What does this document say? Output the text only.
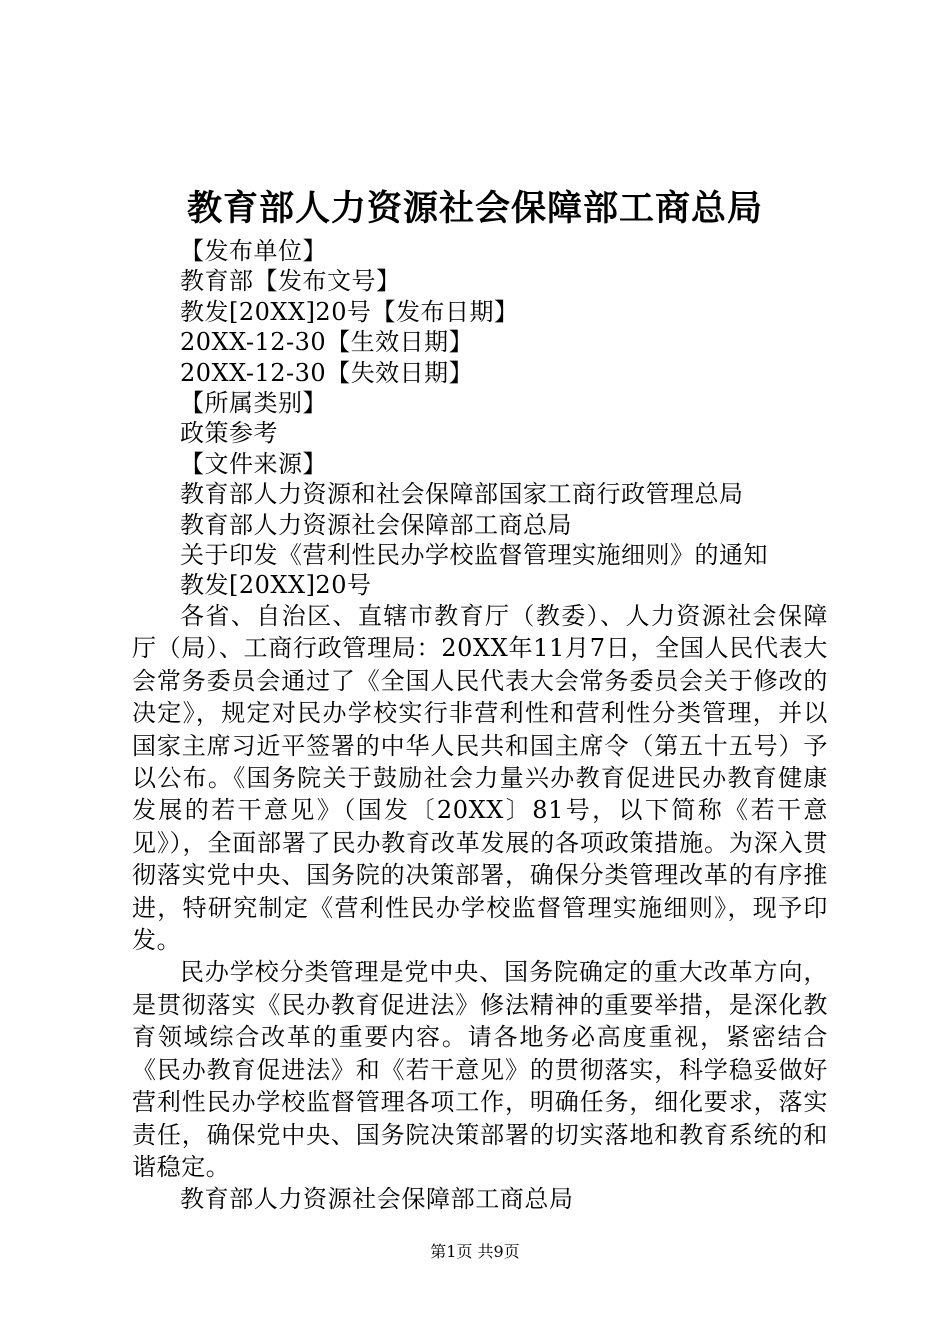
教育部人力资源社会保障部工商总局
【发布单位】
教育部【发布文号】
教发[20XX]20号【发布日期】
20XX-12-30【生效日期】
20XX-12-30【失效日期】
【所属类别】
政策参考
【文件来源】
教育部人力资源和社会保障部国家工商行政管理总局
教育部人力资源社会保障部工商总局
关于印发《营利性民办学校监督管理实施细则》的通知
教发[20XX]20号

各省、自治区、直辖市教育厅（教委）、人力资源社会保障厅（局）、工商行政管理局：20XX年11月7日，全国人民代表大会常务委员会通过了《全国人民代表大会常务委员会关于修改的决定》，规定对民办学校实行非营利性和营利性分类管理，并以国家主席习近平签署的中华人民共和国主席令（第五十五号）予以公布。《国务院关于鼓励社会力量兴办教育促进民办教育健康发展的若干意见》（国发〔20XX〕81号，以下简称《若干意见》），全面部署了民办教育改革发展的各项政策措施。为深入贯彻落实党中央、国务院的决策部署，确保分类管理改革的有序推进，特研究制定《营利性民办学校监督管理实施细则》，现予印发。

民办学校分类管理是党中央、国务院确定的重大改革方向，是贯彻落实《民办教育促进法》修法精神的重要举措，是深化教育领域综合改革的重要内容。请各地务必高度重视，紧密结合《民办教育促进法》和《若干意见》的贯彻落实，科学稳妥做好营利性民办学校监督管理各项工作，明确任务，细化要求，落实责任，确保党中央、国务院决策部署的切实落地和教育系统的和谐稳定。

教育部人力资源社会保障部工商总局

第1页 共9页
